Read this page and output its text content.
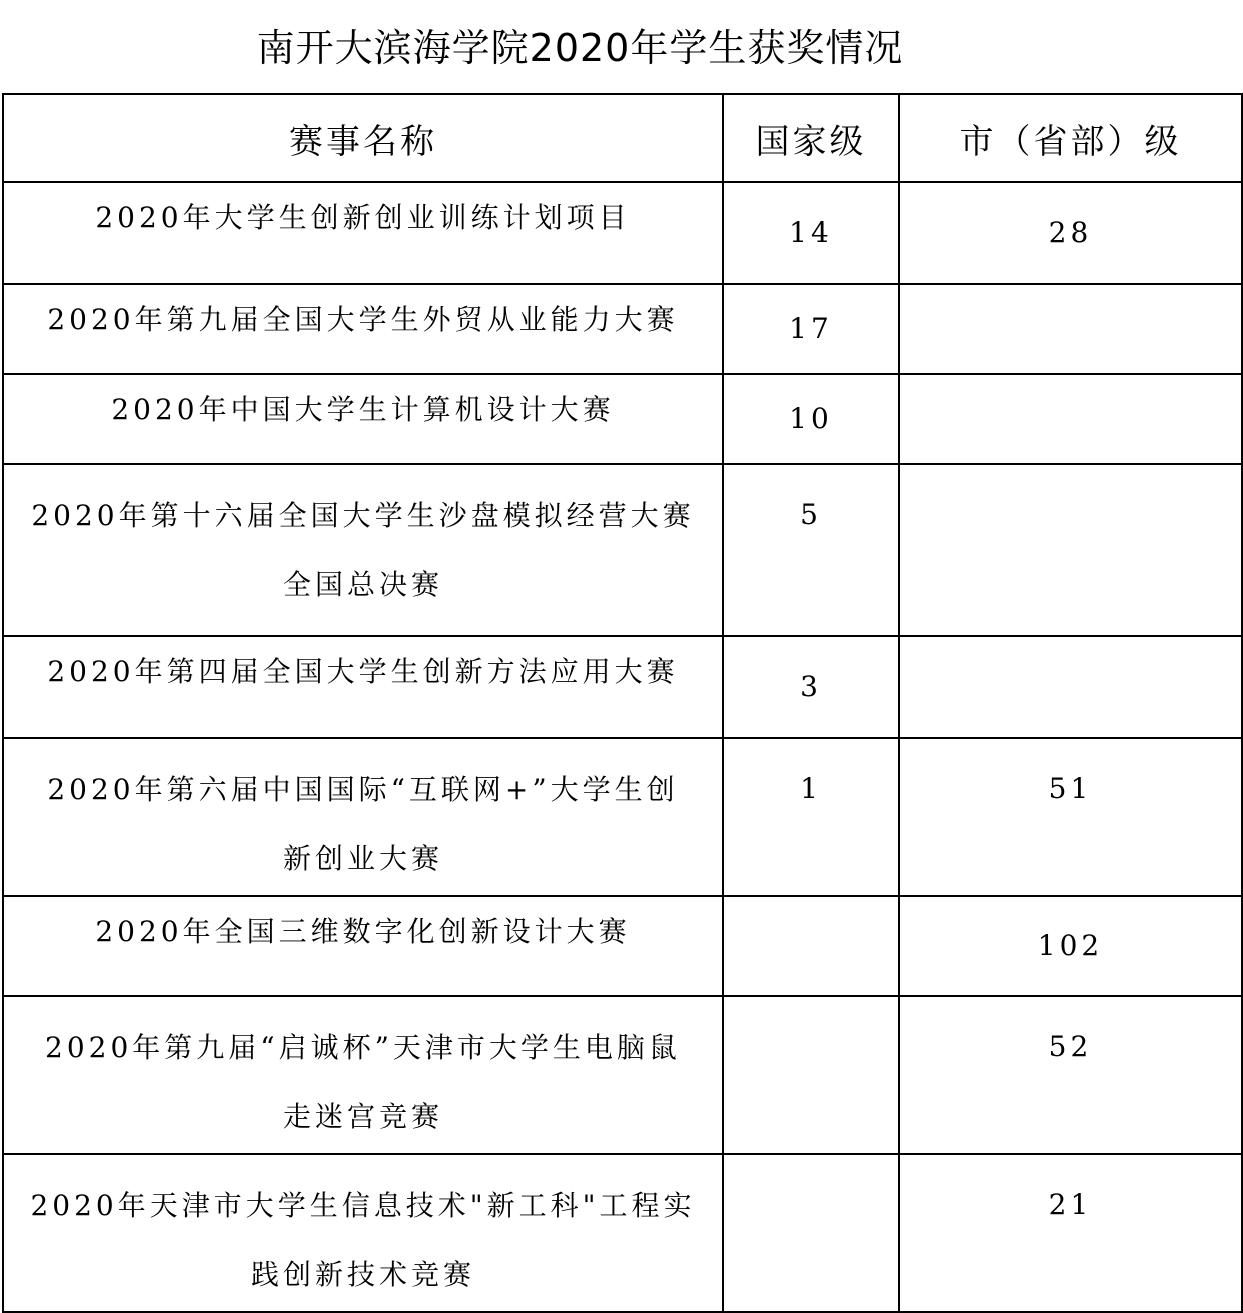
南开大滨海学院2020年学生获奖情况
赛事名称	国家级	市（省部）级

2020年大学生创新创业训练计划项目	14	28

2020年第九届全国大学生外贸从业能力大赛	17	

2020年中国大学生计算机设计大赛	10	

2020年第十六届全国大学生沙盘模拟经营大赛
全国总决赛	5	

2020年第四届全国大学生创新方法应用大赛	3	

2020年第六届中国国际“互联网+”大学生创
新创业大赛	1	51

2020年全国三维数字化创新设计大赛		102

2020年第九届“启诚杯”天津市大学生电脑鼠
走迷宫竞赛		52

2020年天津市大学生信息技术"新工科"工程实
践创新技术竞赛		21
